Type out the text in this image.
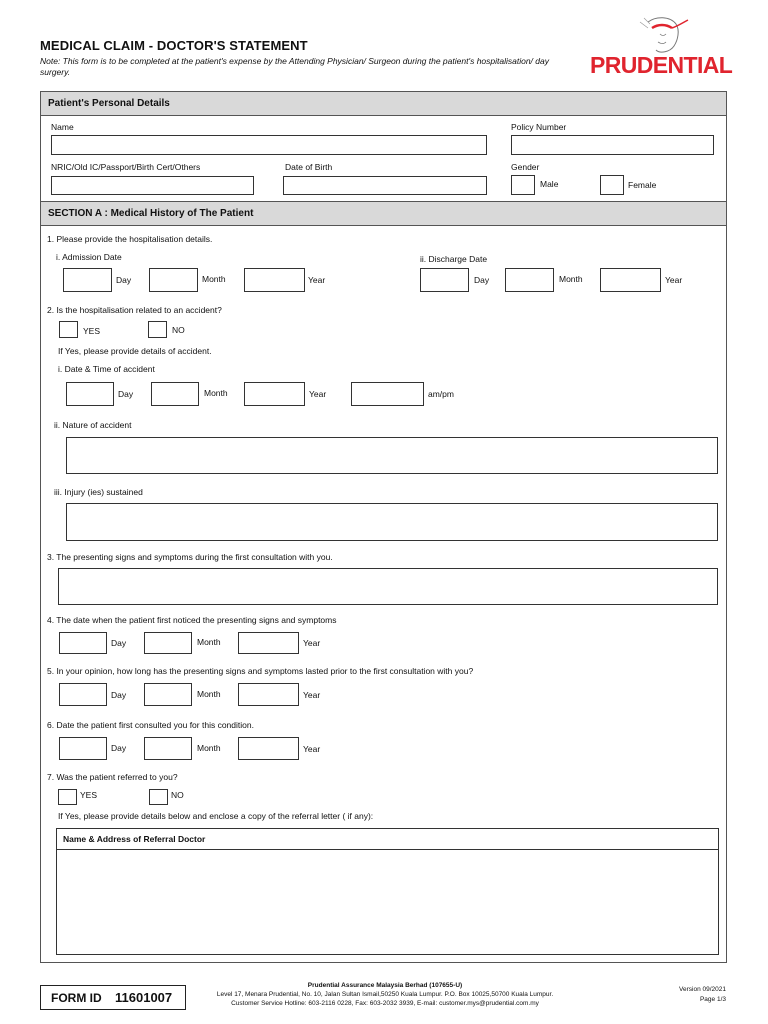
MEDICAL CLAIM - DOCTOR'S STATEMENT
Note: This form is to be completed at the patient's expense by the Attending Physician/ Surgeon during the patient's hospitalisation/ day surgery.	PRUDENTIAL
Patient's Personal Details
Name	Policy Number
NRIC/Old IC/Passport/Birth Cert/Others	Date of Birth	Gender
Male	Female
SECTION A : Medical History of The Patient
1. Please provide the hospitalisation details.
i. Admission Date
Day	Month	Year
ii. Discharge Date
Day	Month	Year
2. Is the hospitalisation related to an accident?
YES	NO
If Yes, please provide details of accident.
i. Date & Time of accident
Day	Month	Year	am/pm
ii. Nature of accident
iii. Injury (ies) sustained
3. The presenting signs and symptoms during the first consultation with you.
4. The date when the patient first noticed the presenting signs and symptoms
Day	Month	Year
5. In your opinion, how long has the presenting signs and symptoms lasted prior to the first consultation with you?
Day	Month	Year
6. Date the patient first consulted you for this condition.
Day	Month	Year
7. Was the patient referred to you?
YES	NO
If Yes, please provide details below and enclose a copy of the referral letter ( if any):
Name & Address of Referral Doctor
FORM ID 11601007
Prudential Assurance Malaysia Berhad (107655-U)
Level 17, Menara Prudential, No. 10, Jalan Sultan Ismail,50250 Kuala Lumpur. P.O. Box 10025,50700 Kuala Lumpur.
Customer Service Hotline: 603-2116 0228, Fax: 603-2032 3939, E-mail: customer.mys@prudential.com.my
Version 09/2021
Page 1/3
